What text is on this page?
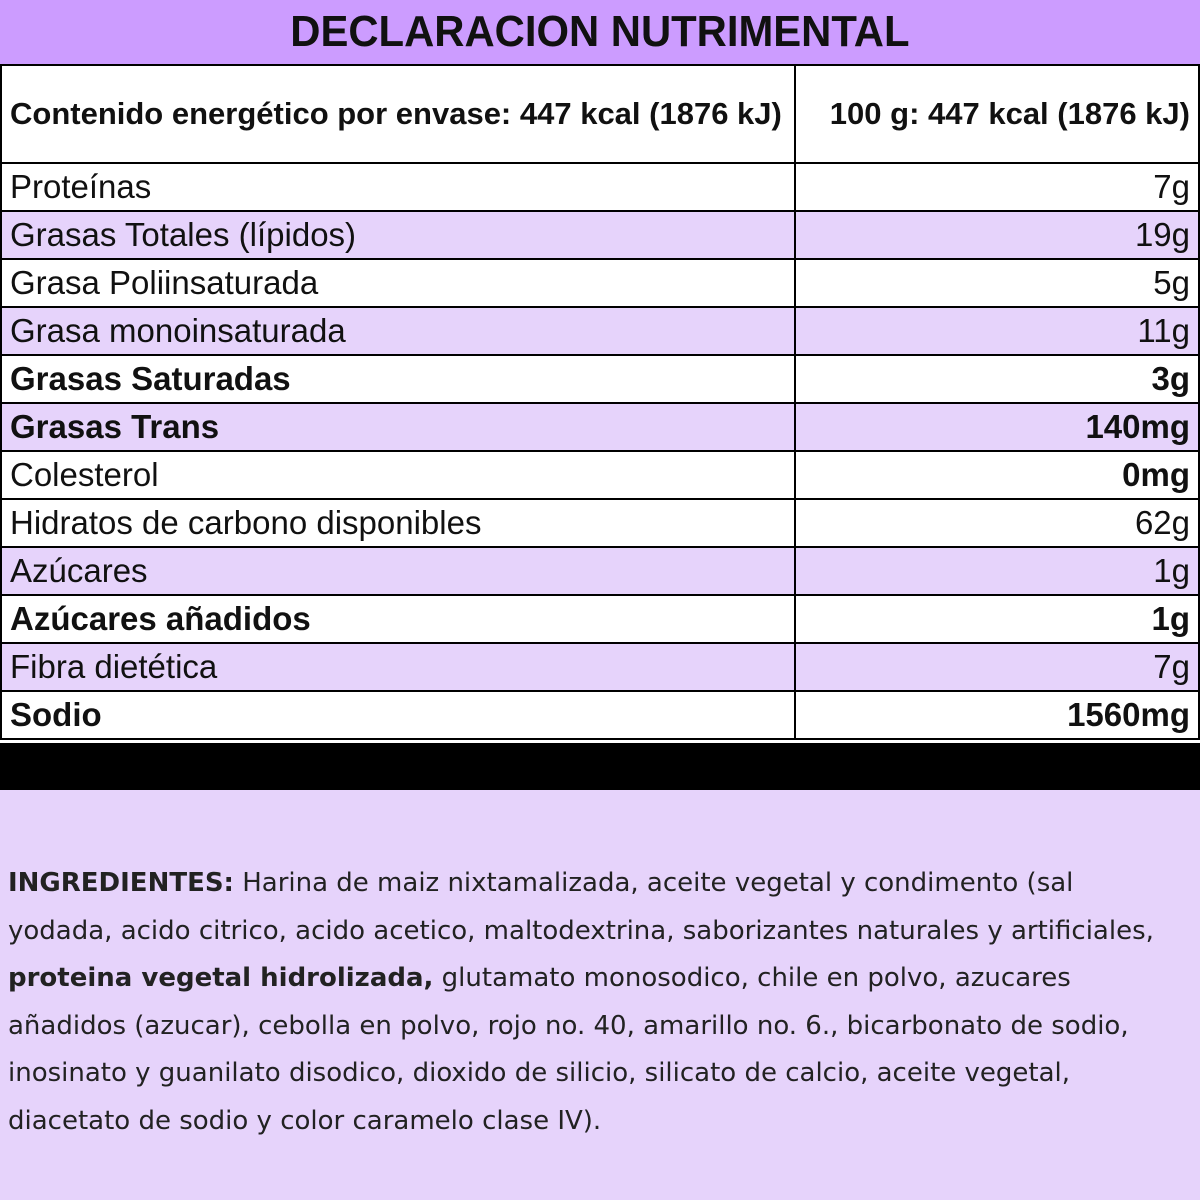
DECLARACION NUTRIMENTAL
Contenido energético por envase: 447 kcal (1876 kJ)	100 g: 447 kcal (1876 kJ)
Proteínas	7g
Grasas Totales (lípidos)	19g
Grasa Poliinsaturada	5g
Grasa monoinsaturada	11g
Grasas Saturadas	3g
Grasas Trans	140mg
Colesterol	0mg
Hidratos de carbono disponibles	62g
Azúcares	1g
Azúcares añadidos	1g
Fibra dietética	7g
Sodio	1560mg
INGREDIENTES: Harina de maiz nixtamalizada, aceite vegetal y condimento (sal yodada, acido citrico, acido acetico, maltodextrina, saborizantes naturales y artificiales, proteina vegetal hidrolizada, glutamato monosodico, chile en polvo, azucares añadidos (azucar), cebolla en polvo, rojo no. 40, amarillo no. 6., bicarbonato de sodio, inosinato y guanilato disodico, dioxido de silicio, silicato de calcio, aceite vegetal, diacetato de sodio y color caramelo clase IV).
